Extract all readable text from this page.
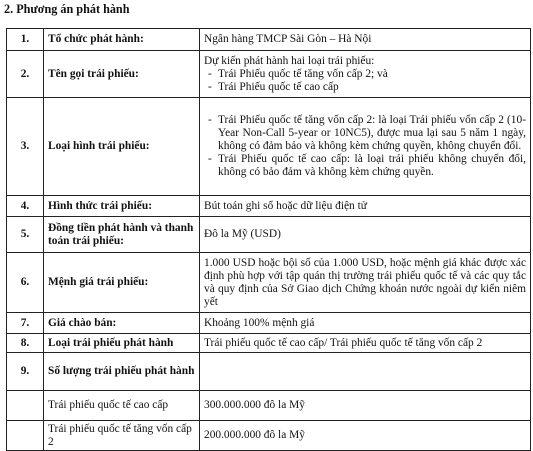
2. Phương án phát hành
1.	Tổ chức phát hành:	Ngân hàng TMCP Sài Gòn – Hà Nội
2.	Tên gọi trái phiếu:	Dự kiến phát hành hai loại trái phiếu:
- Trái Phiếu quốc tế tăng vốn cấp 2; và
- Trái Phiếu quốc tế cao cấp

3.	Loại hình trái phiếu:	- Trái Phiếu quốc tế tăng vốn cấp 2: là loại Trái phiếu vốn cấp 2 (10-Year Non-Call 5-year or 10NC5), được mua lại sau 5 năm 1 ngày, không có đảm bảo và không kèm chứng quyền, không chuyển đổi.
- Trái Phiếu quốc tế cao cấp: là loại trái phiếu không chuyển đổi, không có bảo đảm và không kèm chứng quyền.

4.	Hình thức trái phiếu:	Bút toán ghi sổ hoặc dữ liệu điện tử
5.	Đồng tiền phát hành và thanh toán trái phiếu:	Đô la Mỹ (USD)
6.	Mệnh giá trái phiếu:	1.000 USD hoặc bội số của 1.000 USD, hoặc mệnh giá khác được xác định phù hợp với tập quán thị trường trái phiếu quốc tế và các quy tắc và quy định của Sở Giao dịch Chứng khoán nước ngoài dự kiến niêm yết
7.	Giá chào bán:	Khoảng 100% mệnh giá
8.	Loại trái phiếu phát hành	Trái phiếu quốc tế cao cấp/ Trái phiếu quốc tế tăng vốn cấp 2
9.	Số lượng trái phiếu phát hành	
	Trái phiếu quốc tế cao cấp	300.000.000 đô la Mỹ
	Trái phiếu quốc tế tăng vốn cấp 2	200.000.000 đô la Mỹ
